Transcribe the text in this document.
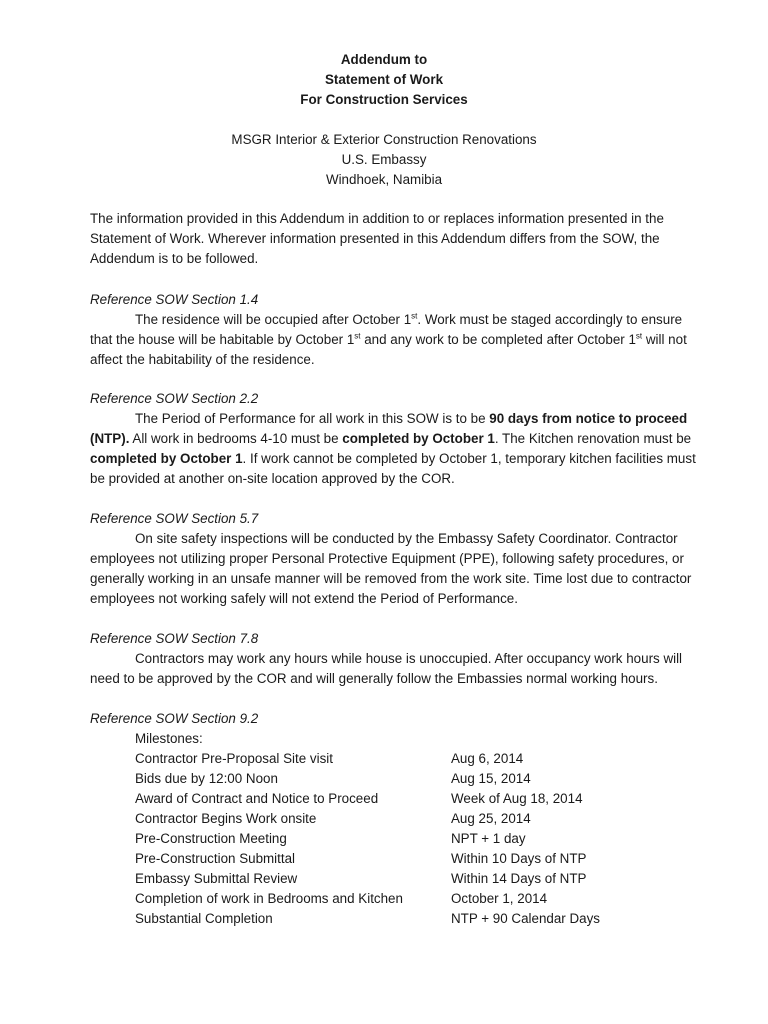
Addendum to
Statement of Work
For Construction Services
MSGR Interior & Exterior Construction Renovations
U.S. Embassy
Windhoek, Namibia
The information provided in this Addendum in addition to or replaces information presented in the
Statement of Work. Wherever information presented in this Addendum differs from the SOW, the
Addendum is to be followed.
Reference SOW Section 1.4
The residence will be occupied after October 1st. Work must be staged accordingly to ensure
that the house will be habitable by October 1st and any work to be completed after October 1st will not
affect the habitability of the residence.
Reference SOW Section 2.2
The Period of Performance for all work in this SOW is to be 90 days from notice to proceed
(NTP). All work in bedrooms 4-10 must be completed by October 1. The Kitchen renovation must be
completed by October 1. If work cannot be completed by October 1, temporary kitchen facilities must
be provided at another on-site location approved by the COR.
Reference SOW Section 5.7
On site safety inspections will be conducted by the Embassy Safety Coordinator. Contractor
employees not utilizing proper Personal Protective Equipment (PPE), following safety procedures, or
generally working in an unsafe manner will be removed from the work site. Time lost due to contractor
employees not working safely will not extend the Period of Performance.
Reference SOW Section 7.8
Contractors may work any hours while house is unoccupied. After occupancy work hours will
need to be approved by the COR and will generally follow the Embassies normal working hours.
Reference SOW Section 9.2
Milestones:
Contractor Pre-Proposal Site visit	Aug 6, 2014
Bids due by 12:00 Noon	Aug 15, 2014
Award of Contract and Notice to Proceed	Week of Aug 18, 2014
Contractor Begins Work onsite	Aug 25, 2014
Pre-Construction Meeting	NPT + 1 day
Pre-Construction Submittal	Within 10 Days of NTP
Embassy Submittal Review	Within 14 Days of NTP
Completion of work in Bedrooms and Kitchen	October 1, 2014
Substantial Completion	NTP + 90 Calendar Days
